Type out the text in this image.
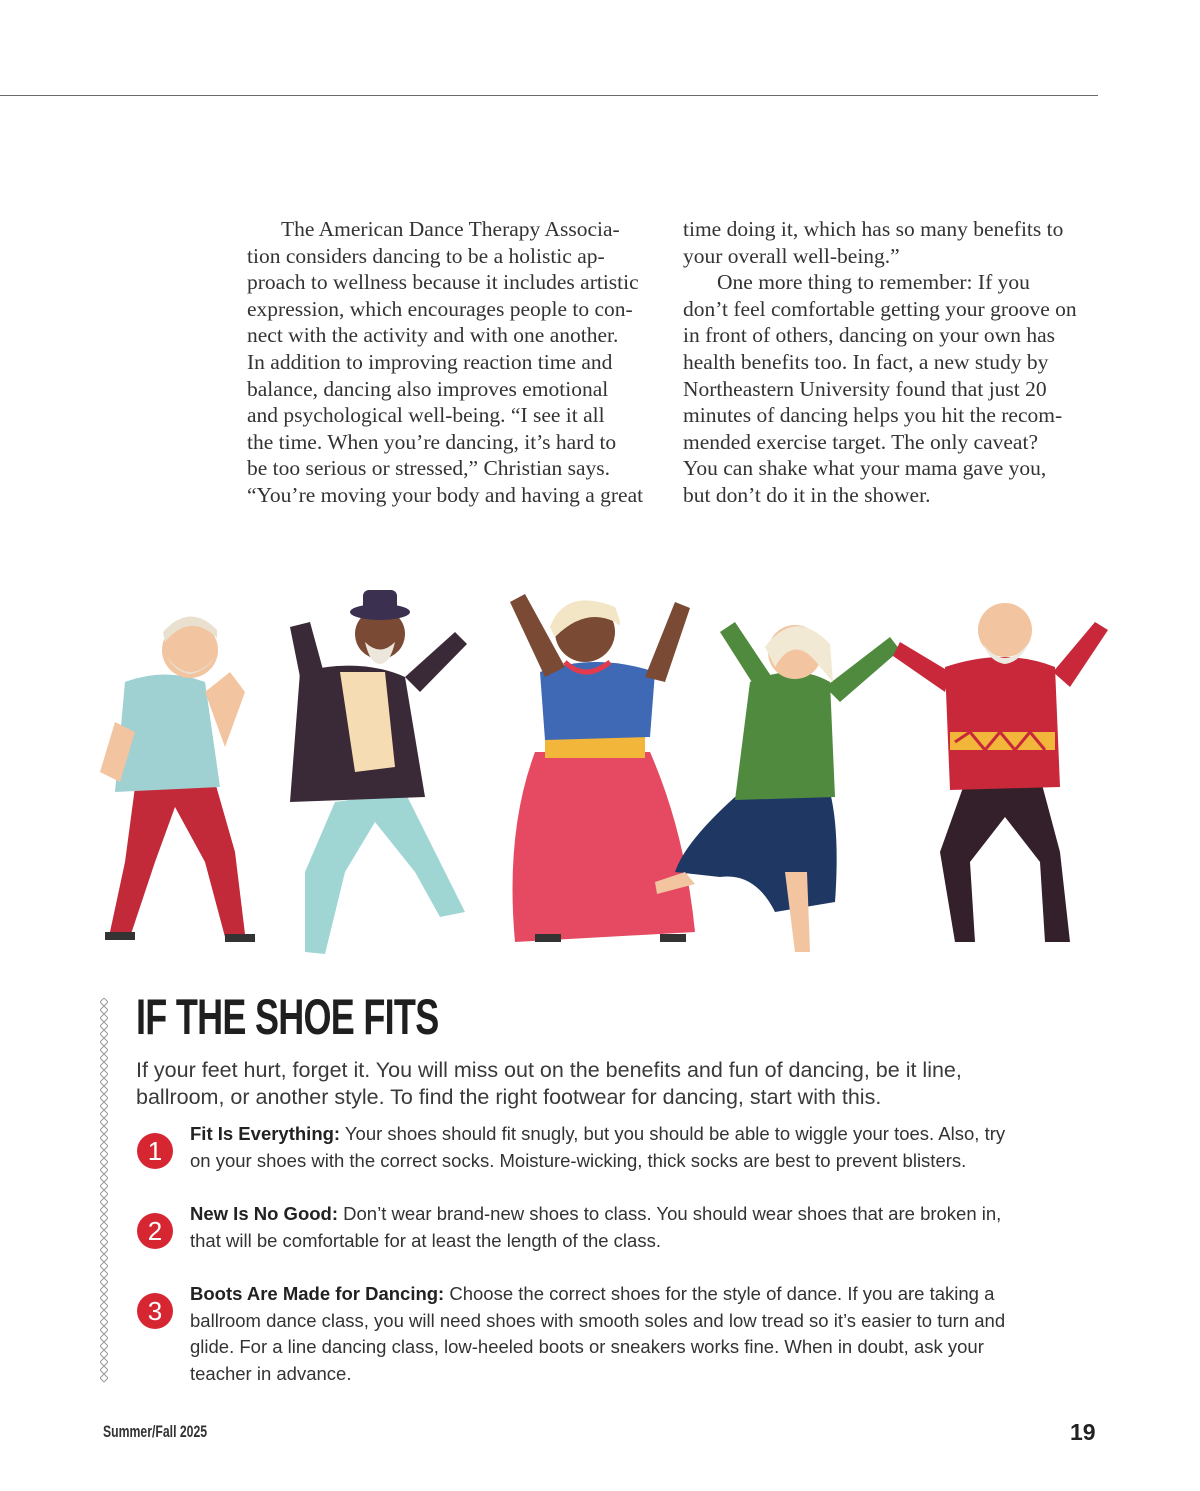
The American Dance Therapy Associa-
tion considers dancing to be a holistic ap-
proach to wellness because it includes artistic
expression, which encourages people to con-
nect with the activity and with one another.
In addition to improving reaction time and
balance, dancing also improves emotional
and psychological well-being. “I see it all
the time. When you’re dancing, it’s hard to
be too serious or stressed,” Christian says.
“You’re moving your body and having a great

time doing it, which has so many benefits to
your overall well-being.”

One more thing to remember: If you
don’t feel comfortable getting your groove on
in front of others, dancing on your own has
health benefits too. In fact, a new study by
Northeastern University found that just 20
minutes of dancing helps you hit the recom-
mended exercise target. The only caveat?
You can shake what your mama gave you,
but don’t do it in the shower.

IF THE SHOE FITS

If your feet hurt, forget it. You will miss out on the benefits and fun of dancing, be it line,
ballroom, or another style. To find the right footwear for dancing, start with this.

1

Fit Is Everything: Your shoes should fit snugly, but you should be able to wiggle your toes. Also, try
on your shoes with the correct socks. Moisture-wicking, thick socks are best to prevent blisters.

2

New Is No Good: Don’t wear brand-new shoes to class. You should wear shoes that are broken in,
that will be comfortable for at least the length of the class.

3

Boots Are Made for Dancing: Choose the correct shoes for the style of dance. If you are taking a
ballroom dance class, you will need shoes with smooth soles and low tread so it’s easier to turn and
glide. For a line dancing class, low-heeled boots or sneakers works fine. When in doubt, ask your
teacher in advance.

Summer/Fall 2025	19
